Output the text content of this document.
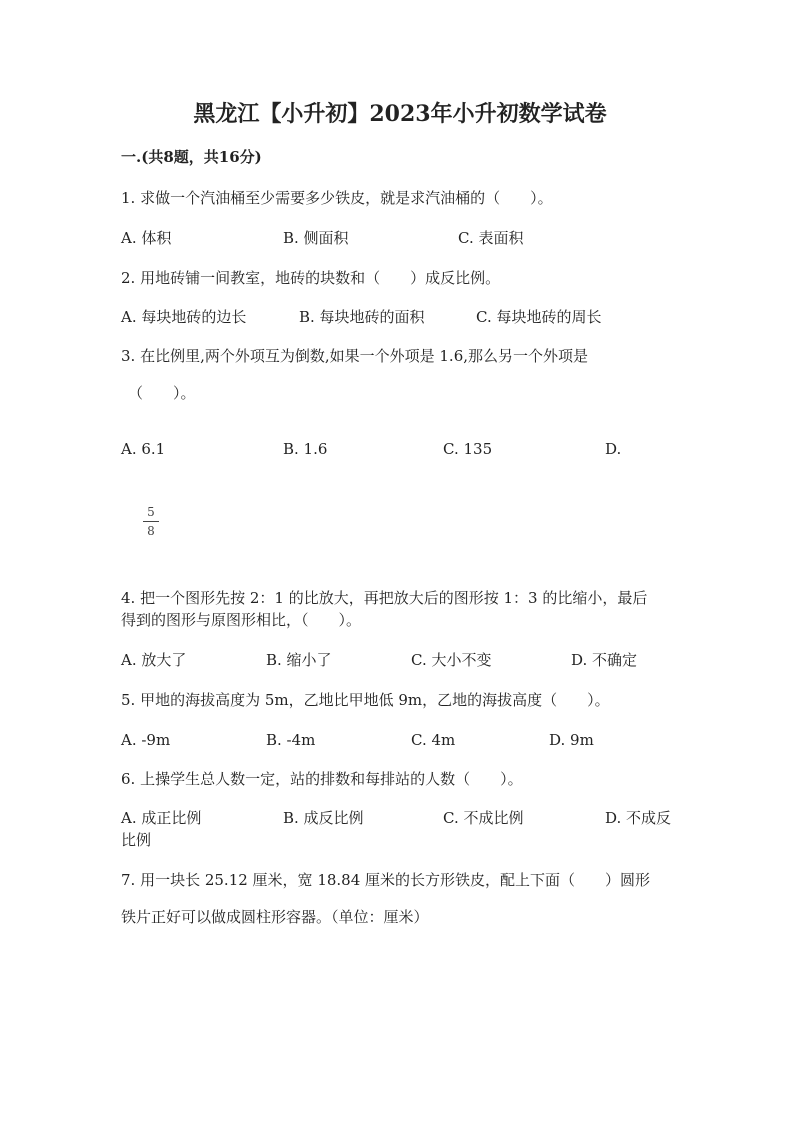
黑龙江【小升初】2023年小升初数学试卷
一.(共8题，共16分)
1. 求做一个汽油桶至少需要多少铁皮，就是求汽油桶的（　　）。
A. 体积	B. 侧面积	C. 表面积
2. 用地砖铺一间教室，地砖的块数和（　　）成反比例。
A. 每块地砖的边长	B. 每块地砖的面积	C. 每块地砖的周长
3. 在比例里,两个外项互为倒数,如果一个外项是 1.6,那么另一个外项是
（　　）。
A. 6.1	B. 1.6	C. 135	D.
5
8
4. 把一个图形先按 2：1 的比放大，再把放大后的图形按 1：3 的比缩小，最后
得到的图形与原图形相比，（　　）。
A. 放大了	B. 缩小了	C. 大小不变	D. 不确定
5. 甲地的海拔高度为 5m，乙地比甲地低 9m，乙地的海拔高度（　　）。
A. -9m	B. -4m	C. 4m	D. 9m
6. 上操学生总人数一定，站的排数和每排站的人数（　　）。
A. 成正比例	B. 成反比例	C. 不成比例	D. 不成反
比例
7. 用一块长 25.12 厘米，宽 18.84 厘米的长方形铁皮，配上下面（　　）圆形
铁片正好可以做成圆柱形容器。（单位：厘米）
